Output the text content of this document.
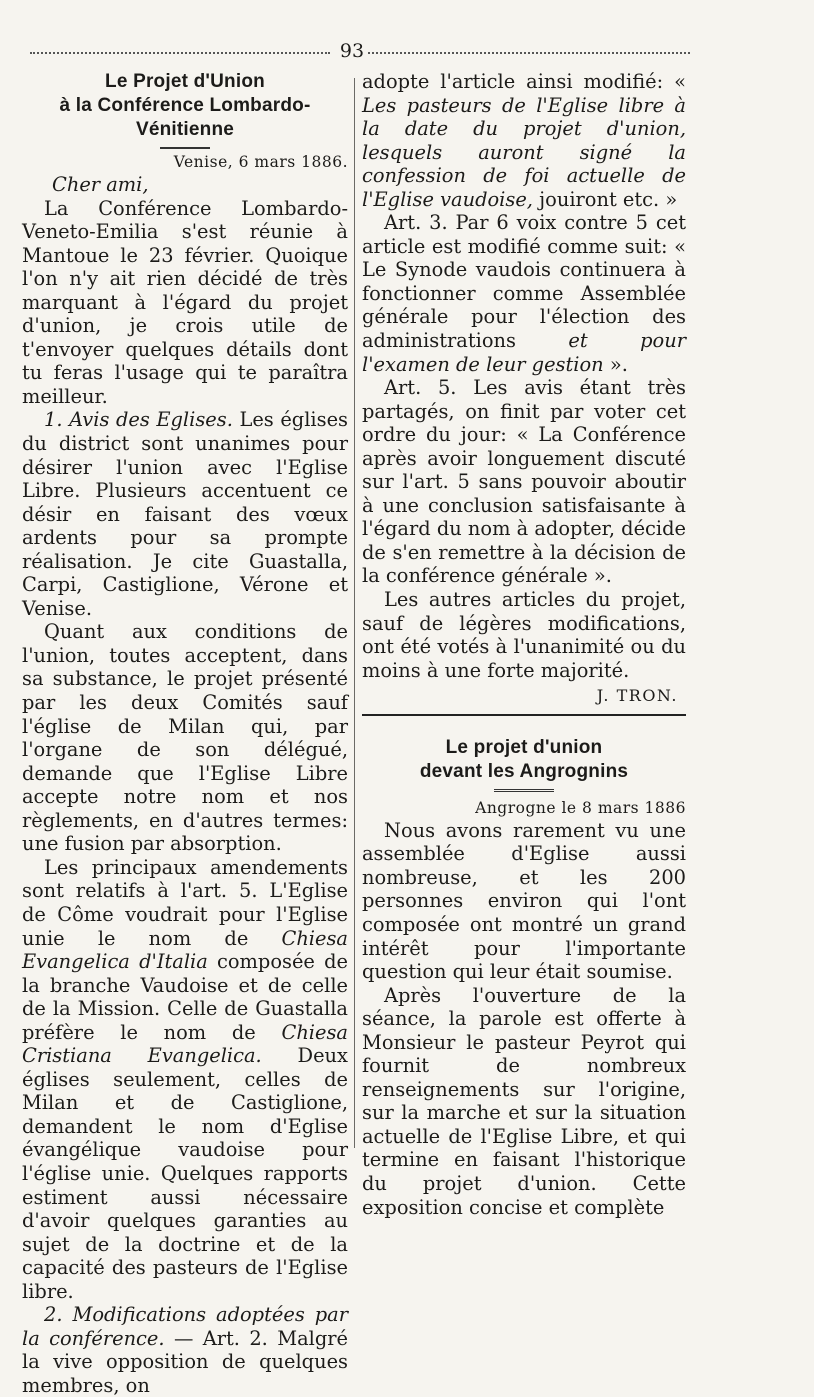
93
Le Projet d'Union
à la Conférence Lombardo-Vénitienne
Venise, 6 mars 1886.
Cher ami,

La Conférence Lombardo-Veneto-Emilia s'est réunie à Mantoue le 23 février. Quoique l'on n'y ait rien décidé de très marquant à l'égard du projet d'union, je crois utile de t'envoyer quelques détails dont tu feras l'usage qui te paraîtra meilleur.

1. Avis des Eglises. Les églises du district sont unanimes pour désirer l'union avec l'Eglise Libre. Plusieurs accentuent ce désir en faisant des vœux ardents pour sa prompte réalisation. Je cite Guastalla, Carpi, Castiglione, Vérone et Venise.

Quant aux conditions de l'union, toutes acceptent, dans sa substance, le projet présenté par les deux Comités sauf l'église de Milan qui, par l'organe de son délégué, demande que l'Eglise Libre accepte notre nom et nos règlements, en d'autres termes: une fusion par absorption.

Les principaux amendements sont relatifs à l'art. 5. L'Eglise de Côme voudrait pour l'Eglise unie le nom de Chiesa Evangelica d'Italia composée de la branche Vaudoise et de celle de la Mission. Celle de Guastalla préfère le nom de Chiesa Cristiana Evangelica. Deux églises seulement, celles de Milan et de Castiglione, demandent le nom d'Eglise évangélique vaudoise pour l'église unie. Quelques rapports estiment aussi nécessaire d'avoir quelques garanties au sujet de la doctrine et de la capacité des pasteurs de l'Eglise libre.

2. Modifications adoptées par la conférence. — Art. 2. Malgré la vive opposition de quelques membres, on

adopte l'article ainsi modifié: « Les pasteurs de l'Eglise libre à la date du projet d'union, lesquels auront signé la confession de foi actuelle de l'Eglise vaudoise, jouiront etc. »

Art. 3. Par 6 voix contre 5 cet article est modifié comme suit: « Le Synode vaudois continuera à fonctionner comme Assemblée générale pour l'élection des administrations et pour l'examen de leur gestion ».

Art. 5. Les avis étant très partagés, on finit par voter cet ordre du jour: « La Conférence après avoir longuement discuté sur l'art. 5 sans pouvoir aboutir à une conclusion satisfaisante à l'égard du nom à adopter, décide de s'en remettre à la décision de la conférence générale ».

Les autres articles du projet, sauf de légères modifications, ont été votés à l'unanimité ou du moins à une forte majorité.

J. TRON.
Le projet d'union
devant les Angrognins
Angrogne le 8 mars 1886

Nous avons rarement vu une assemblée d'Eglise aussi nombreuse, et les 200 personnes environ qui l'ont composée ont montré un grand intérêt pour l'importante question qui leur était soumise.

Après l'ouverture de la séance, la parole est offerte à Monsieur le pasteur Peyrot qui fournit de nombreux renseignements sur l'origine, sur la marche et sur la situation actuelle de l'Eglise Libre, et qui termine en faisant l'historique du projet d'union. Cette exposition concise et complète
